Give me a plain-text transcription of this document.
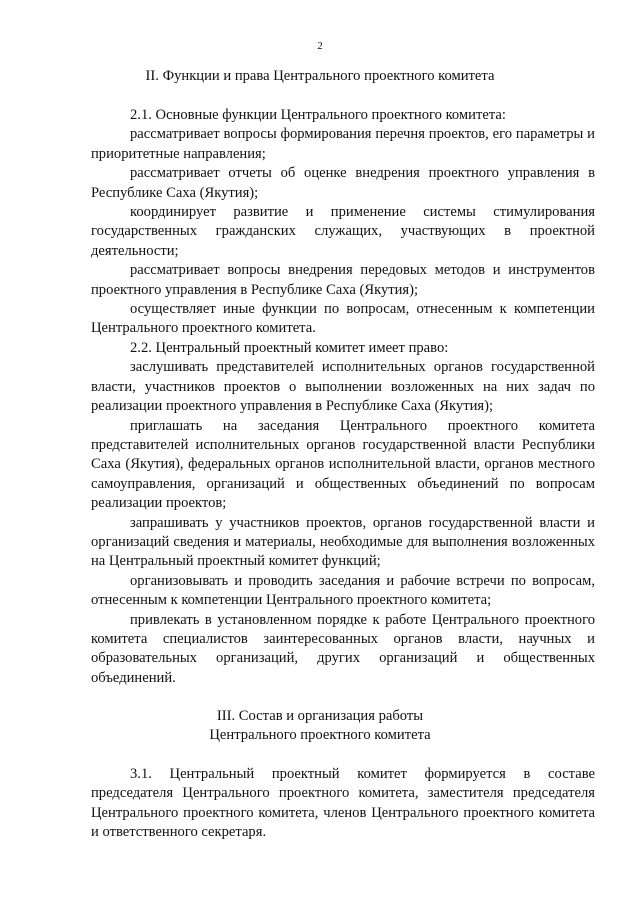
2
II. Функции и права Центрального проектного комитета

2.1. Основные функции Центрального проектного комитета:

рассматривает вопросы формирования перечня проектов, его параметры и приоритетные направления;

рассматривает отчеты об оценке внедрения проектного управления в Республике Саха (Якутия);

координирует развитие и применение системы стимулирования государственных гражданских служащих, участвующих в проектной деятельности;

рассматривает вопросы внедрения передовых методов и инструментов проектного управления в Республике Саха (Якутия);

осуществляет иные функции по вопросам, отнесенным к компетенции Центрального проектного комитета.

2.2. Центральный проектный комитет имеет право:

заслушивать представителей исполнительных органов государственной власти, участников проектов о выполнении возложенных на них задач по реализации проектного управления в Республике Саха (Якутия);

приглашать на заседания Центрального проектного комитета представителей исполнительных органов государственной власти Республики Саха (Якутия), федеральных органов исполнительной власти, органов местного самоуправления, организаций и общественных объединений по вопросам реализации проектов;

запрашивать у участников проектов, органов государственной власти и организаций сведения и материалы, необходимые для выполнения возложенных на Центральный проектный комитет функций;

организовывать и проводить заседания и рабочие встречи по вопросам, отнесенным к компетенции Центрального проектного комитета;

привлекать в установленном порядке к работе Центрального проектного комитета специалистов заинтересованных органов власти, научных и образовательных организаций, других организаций и общественных объединений.

III. Состав и организация работы
Центрального проектного комитета

3.1. Центральный проектный комитет формируется в составе председателя Центрального проектного комитета, заместителя председателя Центрального проектного комитета, членов Центрального проектного комитета и ответственного секретаря.
